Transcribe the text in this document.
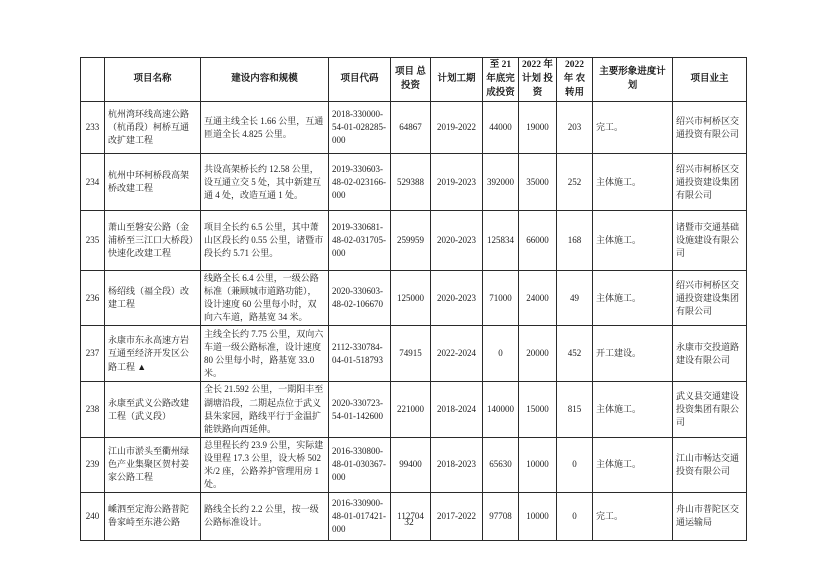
	项目名称	建设内容和规模	项目代码	项目 总投资	计划工期	至 21 年底完成投资	2022 年 计划 投资	2022 年 农转用	主要形象进度计划	项目业主
233	杭州湾环线高速公路（杭甬段）柯桥互通改扩建工程	互通主线全长 1.66 公里，互通匝道全长 4.825 公里。	2018-330000-54-01-028285-000	64867	2019-2022	44000	19000	203	完工。	绍兴市柯桥区交通投资有限公司
234	杭州中环柯桥段高架桥改建工程	共设高架桥长约 12.58 公里，设互通立交 5 处，其中新建互通 4 处，改造互通 1 处。	2019-330603-48-02-023166-000	529388	2019-2023	392000	35000	252	主体施工。	绍兴市柯桥区交通投资建设集团有限公司
235	萧山至磐安公路（金浦桥至三江口大桥段）快速化改建工程	项目全长约 6.5 公里，其中萧山区段长约 0.55 公里，诸暨市段长约 5.71 公里。	2019-330681-48-02-031705-000	259959	2020-2023	125834	66000	168	主体施工。	诸暨市交通基础设施建设有限公司
236	杨绍线（福全段）改建工程	线路全长 6.4 公里，一级公路标准（兼顾城市道路功能），设计速度 60 公里每小时，双向六车道，路基宽 34 米。	2020-330603-48-02-106670	125000	2020-2023	71000	24000	49	主体施工。	绍兴市柯桥区交通投资建设集团有限公司
237	永康市东永高速方岩互通至经济开发区公路工程 ▲	主线全长约 7.75 公里，双向六车道一级公路标准，设计速度 80 公里每小时，路基宽 33.0 米。	2112-330784-04-01-518793	74915	2022-2024	0	20000	452	开工建设。	永康市交投道路建设有限公司
238	永康至武义公路改建工程（武义段）	全长 21.592 公里，一期阳丰至湖塘沿段，二期起点位于武义县朱家园，路线平行于金温扩能铁路向西延伸。	2020-330723-54-01-142600	221000	2018-2024	140000	15000	815	主体施工。	武义县交通建设投资集团有限公司
239	江山市淤头至衢州绿色产业集聚区贺村姜家公路工程	总里程长约 23.9 公里，实际建设里程 17.3 公里，设大桥 502 米/2 座，公路养护管理用房 1 处。	2016-330800-48-01-030367-000	99400	2018-2023	65630	10000	0	主体施工。	江山市畅达交通投资有限公司
240	嵊泗至定海公路普陀鲁家峙至东港公路	路线全长约 2.2 公里，按一级公路标准设计。	2016-330900-48-01-017421-000	112704	2017-2022	97708	10000	0	完工。	舟山市普陀区交通运输局
32
